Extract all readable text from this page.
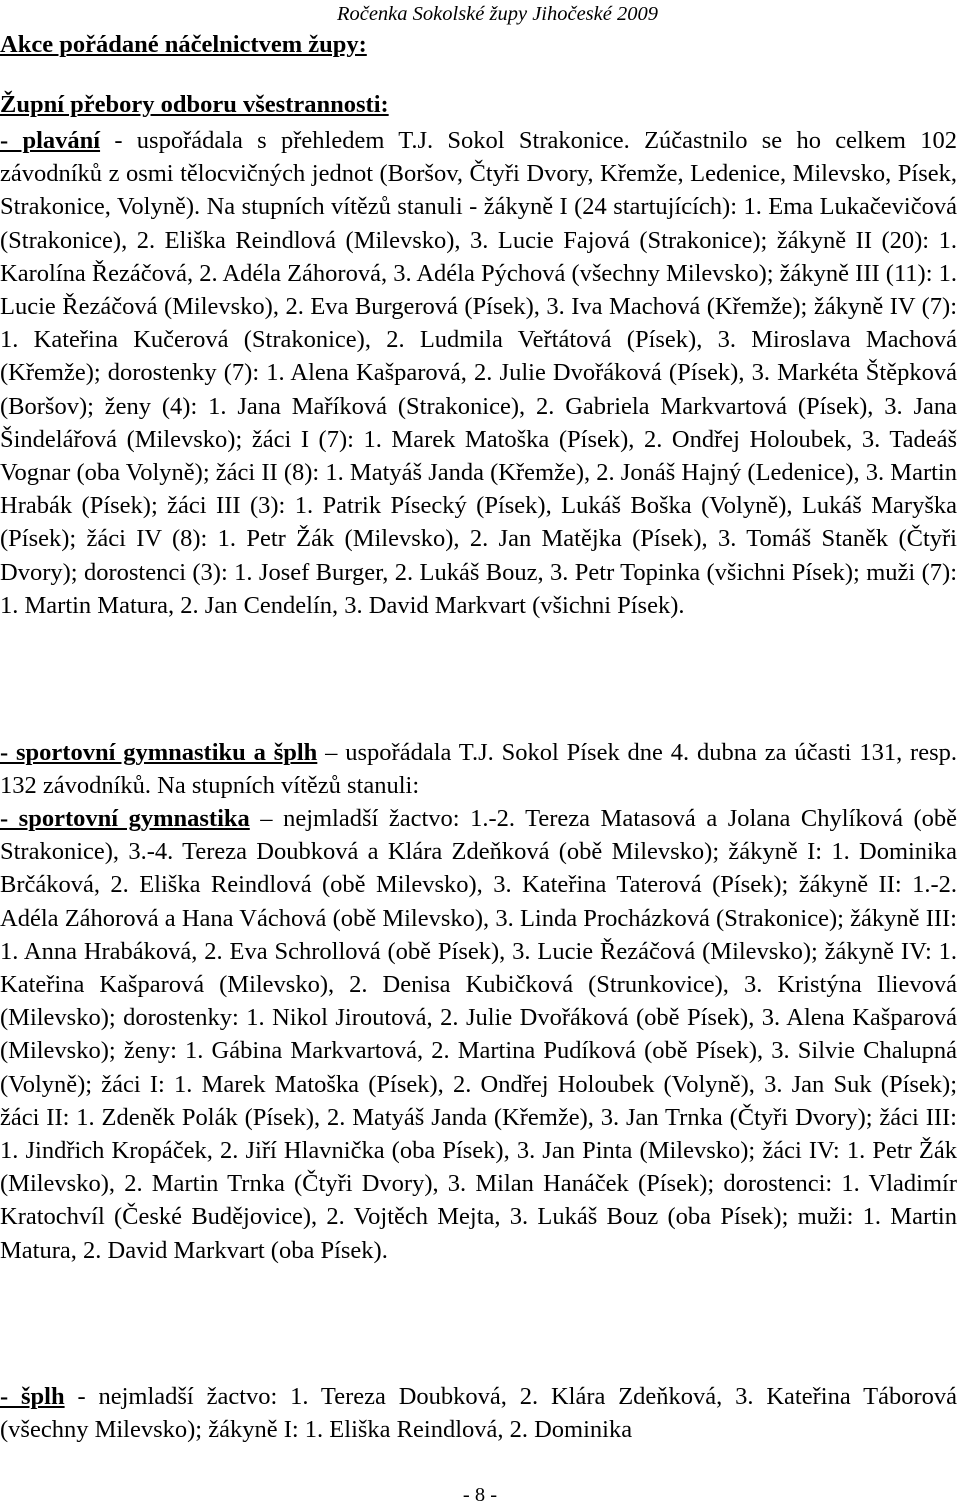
Ročenka Sokolské župy Jihočeské 2009

Akce pořádané náčelnictvem župy:
Župní přebory odboru všestrannosti:

- plavání - uspořádala s přehledem T.J. Sokol Strakonice. Zúčastnilo se ho celkem 102 závodníků z osmi tělocvičných jednot (Boršov, Čtyři Dvory, Křemže, Ledenice, Milevsko, Písek, Strakonice, Volyně). Na stupních vítězů stanuli - žákyně I (24 startujících): 1. Ema Lukačevičová (Strakonice), 2. Eliška Reindlová (Milevsko), 3. Lucie Fajová (Strakonice); žákyně II (20): 1. Karolína Řezáčová, 2. Adéla Záhorová, 3. Adéla Pýchová (všechny Milevsko); žákyně III (11): 1. Lucie Řezáčová (Milevsko), 2. Eva Burgerová (Písek), 3. Iva Machová (Křemže); žákyně IV (7): 1. Kateřina Kučerová (Strakonice), 2. Ludmila Veřtátová (Písek), 3. Miroslava Machová (Křemže); dorostenky (7): 1. Alena Kašparová, 2. Julie Dvořáková (Písek), 3. Markéta Štěpková (Boršov); ženy (4): 1. Jana Maříková (Strakonice), 2. Gabriela Markvartová (Písek), 3. Jana Šindelářová (Milevsko); žáci I (7): 1. Marek Matoška (Písek), 2. Ondřej Holoubek, 3. Tadeáš Vognar (oba Volyně); žáci II (8): 1. Matyáš Janda (Křemže), 2. Jonáš Hajný (Ledenice), 3. Martin Hrabák (Písek); žáci III (3): 1. Patrik Písecký (Písek), Lukáš Boška (Volyně), Lukáš Maryška (Písek); žáci IV (8): 1. Petr Žák (Milevsko), 2. Jan Matějka (Písek), 3. Tomáš Staněk (Čtyři Dvory); dorostenci (3): 1. Josef Burger, 2. Lukáš Bouz, 3. Petr Topinka (všichni Písek); muži (7): 1. Martin Matura, 2. Jan Cendelín, 3. David Markvart (všichni Písek).

- sportovní gymnastiku a šplh – uspořádala T.J. Sokol Písek dne 4. dubna za účasti 131, resp. 132 závodníků. Na stupních vítězů stanuli:

- sportovní gymnastika – nejmladší žactvo: 1.-2. Tereza Matasová a Jolana Chylíková (obě Strakonice), 3.-4. Tereza Doubková a Klára Zdeňková (obě Milevsko); žákyně I: 1. Dominika Brčáková, 2. Eliška Reindlová (obě Milevsko), 3. Kateřina Taterová (Písek); žákyně II: 1.-2. Adéla Záhorová a Hana Váchová (obě Milevsko), 3. Linda Procházková (Strakonice); žákyně III: 1. Anna Hrabáková, 2. Eva Schrollová (obě Písek), 3. Lucie Řezáčová (Milevsko); žákyně IV: 1. Kateřina Kašparová (Milevsko), 2. Denisa Kubičková (Strunkovice), 3. Kristýna Ilievová (Milevsko); dorostenky: 1. Nikol Jiroutová, 2. Julie Dvořáková (obě Písek), 3. Alena Kašparová (Milevsko); ženy: 1. Gábina Markvartová, 2. Martina Pudíková (obě Písek), 3. Silvie Chalupná (Volyně); žáci I: 1. Marek Matoška (Písek), 2. Ondřej Holoubek (Volyně), 3. Jan Suk (Písek); žáci II: 1. Zdeněk Polák (Písek), 2. Matyáš Janda (Křemže), 3. Jan Trnka (Čtyři Dvory); žáci III: 1. Jindřich Kropáček, 2. Jiří Hlavnička (oba Písek), 3. Jan Pinta (Milevsko); žáci IV: 1. Petr Žák (Milevsko), 2. Martin Trnka (Čtyři Dvory), 3. Milan Hanáček (Písek); dorostenci: 1. Vladimír Kratochvíl (České Budějovice), 2. Vojtěch Mejta, 3. Lukáš Bouz (oba Písek); muži: 1. Martin Matura, 2. David Markvart (oba Písek).

- šplh - nejmladší žactvo: 1. Tereza Doubková, 2. Klára Zdeňková, 3. Kateřina Táborová (všechny Milevsko); žákyně I: 1. Eliška Reindlová, 2. Dominika

- 8 -
